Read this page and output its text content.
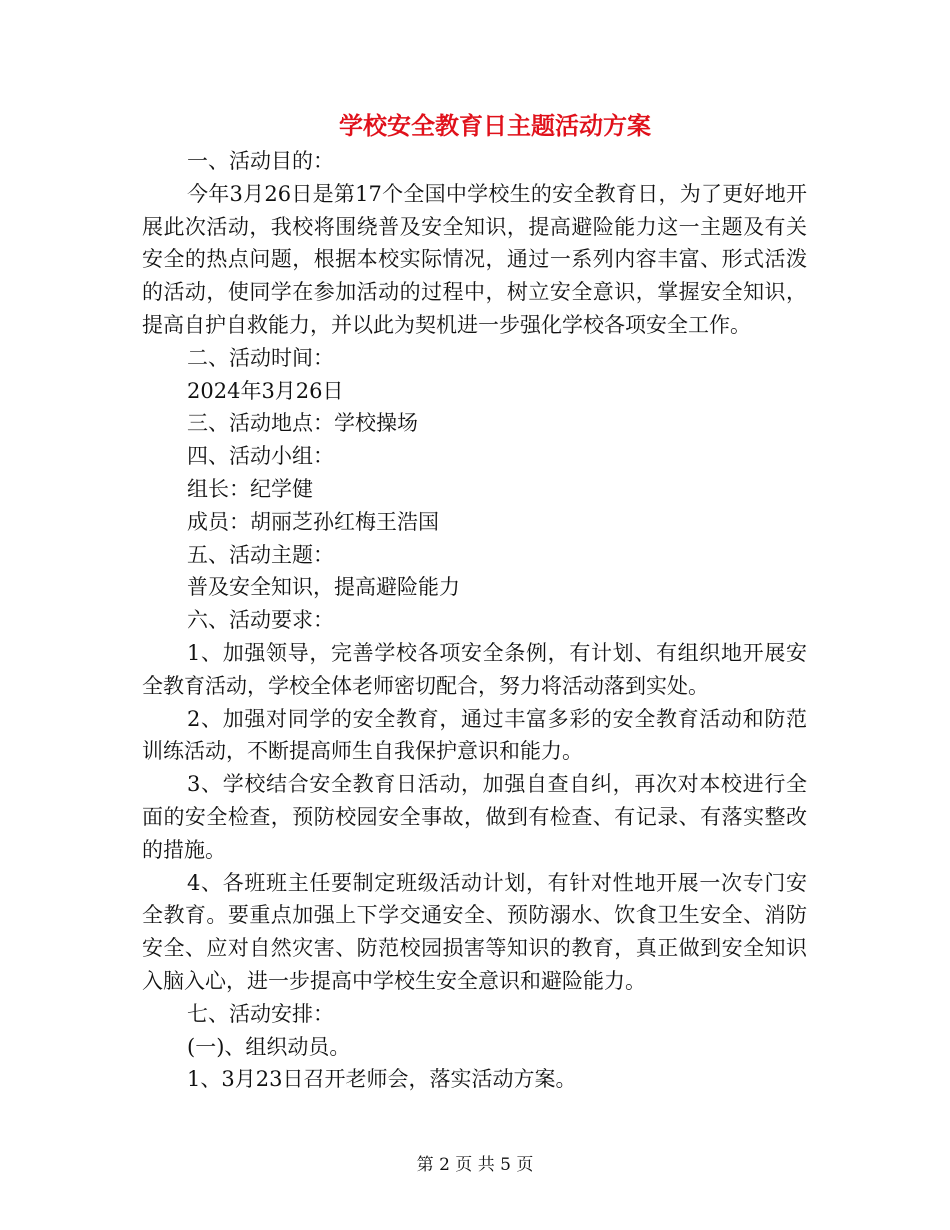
学校安全教育日主题活动方案

一、活动目的：

今年3月26日是第17个全国中学校生的安全教育日，为了更好地开展此次活动，我校将围绕普及安全知识，提高避险能力这一主题及有关安全的热点问题，根据本校实际情况，通过一系列内容丰富、形式活泼的活动，使同学在参加活动的过程中，树立安全意识，掌握安全知识，提高自护自救能力，并以此为契机进一步强化学校各项安全工作。

二、活动时间：

2024年3月26日

三、活动地点：学校操场

四、活动小组：

组长：纪学健

成员：胡丽芝孙红梅王浩国

五、活动主题：

普及安全知识，提高避险能力

六、活动要求：

1、加强领导，完善学校各项安全条例，有计划、有组织地开展安全教育活动，学校全体老师密切配合，努力将活动落到实处。

2、加强对同学的安全教育，通过丰富多彩的安全教育活动和防范训练活动，不断提高师生自我保护意识和能力。

3、学校结合安全教育日活动，加强自查自纠，再次对本校进行全面的安全检查，预防校园安全事故，做到有检查、有记录、有落实整改的措施。

4、各班班主任要制定班级活动计划，有针对性地开展一次专门安全教育。要重点加强上下学交通安全、预防溺水、饮食卫生安全、消防安全、应对自然灾害、防范校园损害等知识的教育，真正做到安全知识入脑入心，进一步提高中学校生安全意识和避险能力。

七、活动安排：

(一)、组织动员。

1、3月23日召开老师会，落实活动方案。

第 2 页 共 5 页
